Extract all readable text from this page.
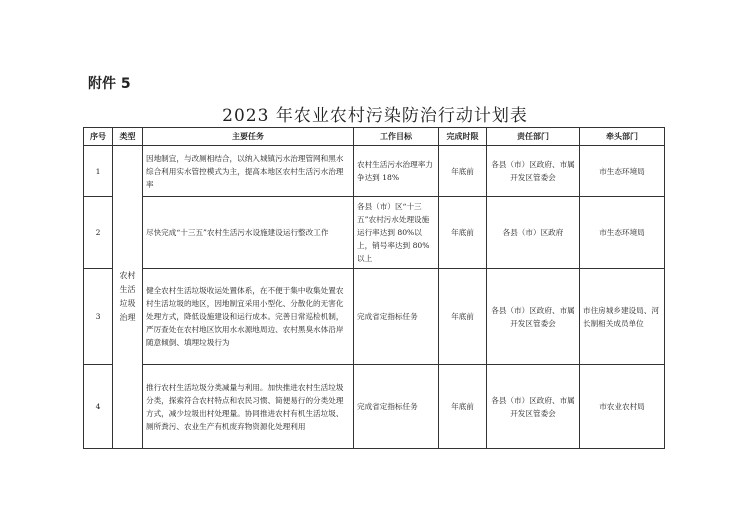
附件 5
2023 年农业农村污染防治行动计划表
序号	类型	主要任务	工作目标	完成时限	责任部门	牵头部门
1	农村生活垃圾治理	因地制宜，与改厕相结合，以纳入城镇污水治理管网和黑水综合利用实水管控模式为主，提高本地区农村生活污水治理率	农村生活污水治理率力争达到 18%	年底前	各县（市）区政府、市属开发区管委会	市生态环境局
2		尽快完成“十三五”农村生活污水设施建设运行整改工作	各县（市）区“十三五”农村污水处理设施运行率达到 80%以上，销号率达到 80%以上	年底前	各县（市）区政府	市生态环境局
3		健全农村生活垃圾收运处置体系，在不便于集中收集处置农村生活垃圾的地区，因地制宜采用小型化、分散化的无害化处理方式，降低设施建设和运行成本。完善日常巡检机制，严厉查处在农村地区饮用水水源地周边、农村黑臭水体沿岸随意倾倒、填埋垃圾行为	完成省定指标任务	年底前	各县（市）区政府、市属开发区管委会	市住房城乡建设局、河长制相关成员单位
4		推行农村生活垃圾分类减量与利用。加快推进农村生活垃圾分类，探索符合农村特点和农民习惯、简便易行的分类处理方式，减少垃圾出村处理量。协同推进农村有机生活垃圾、厕所粪污、农业生产有机废弃物资源化处理利用	完成省定指标任务	年底前	各县（市）区政府、市属开发区管委会	市农业农村局
